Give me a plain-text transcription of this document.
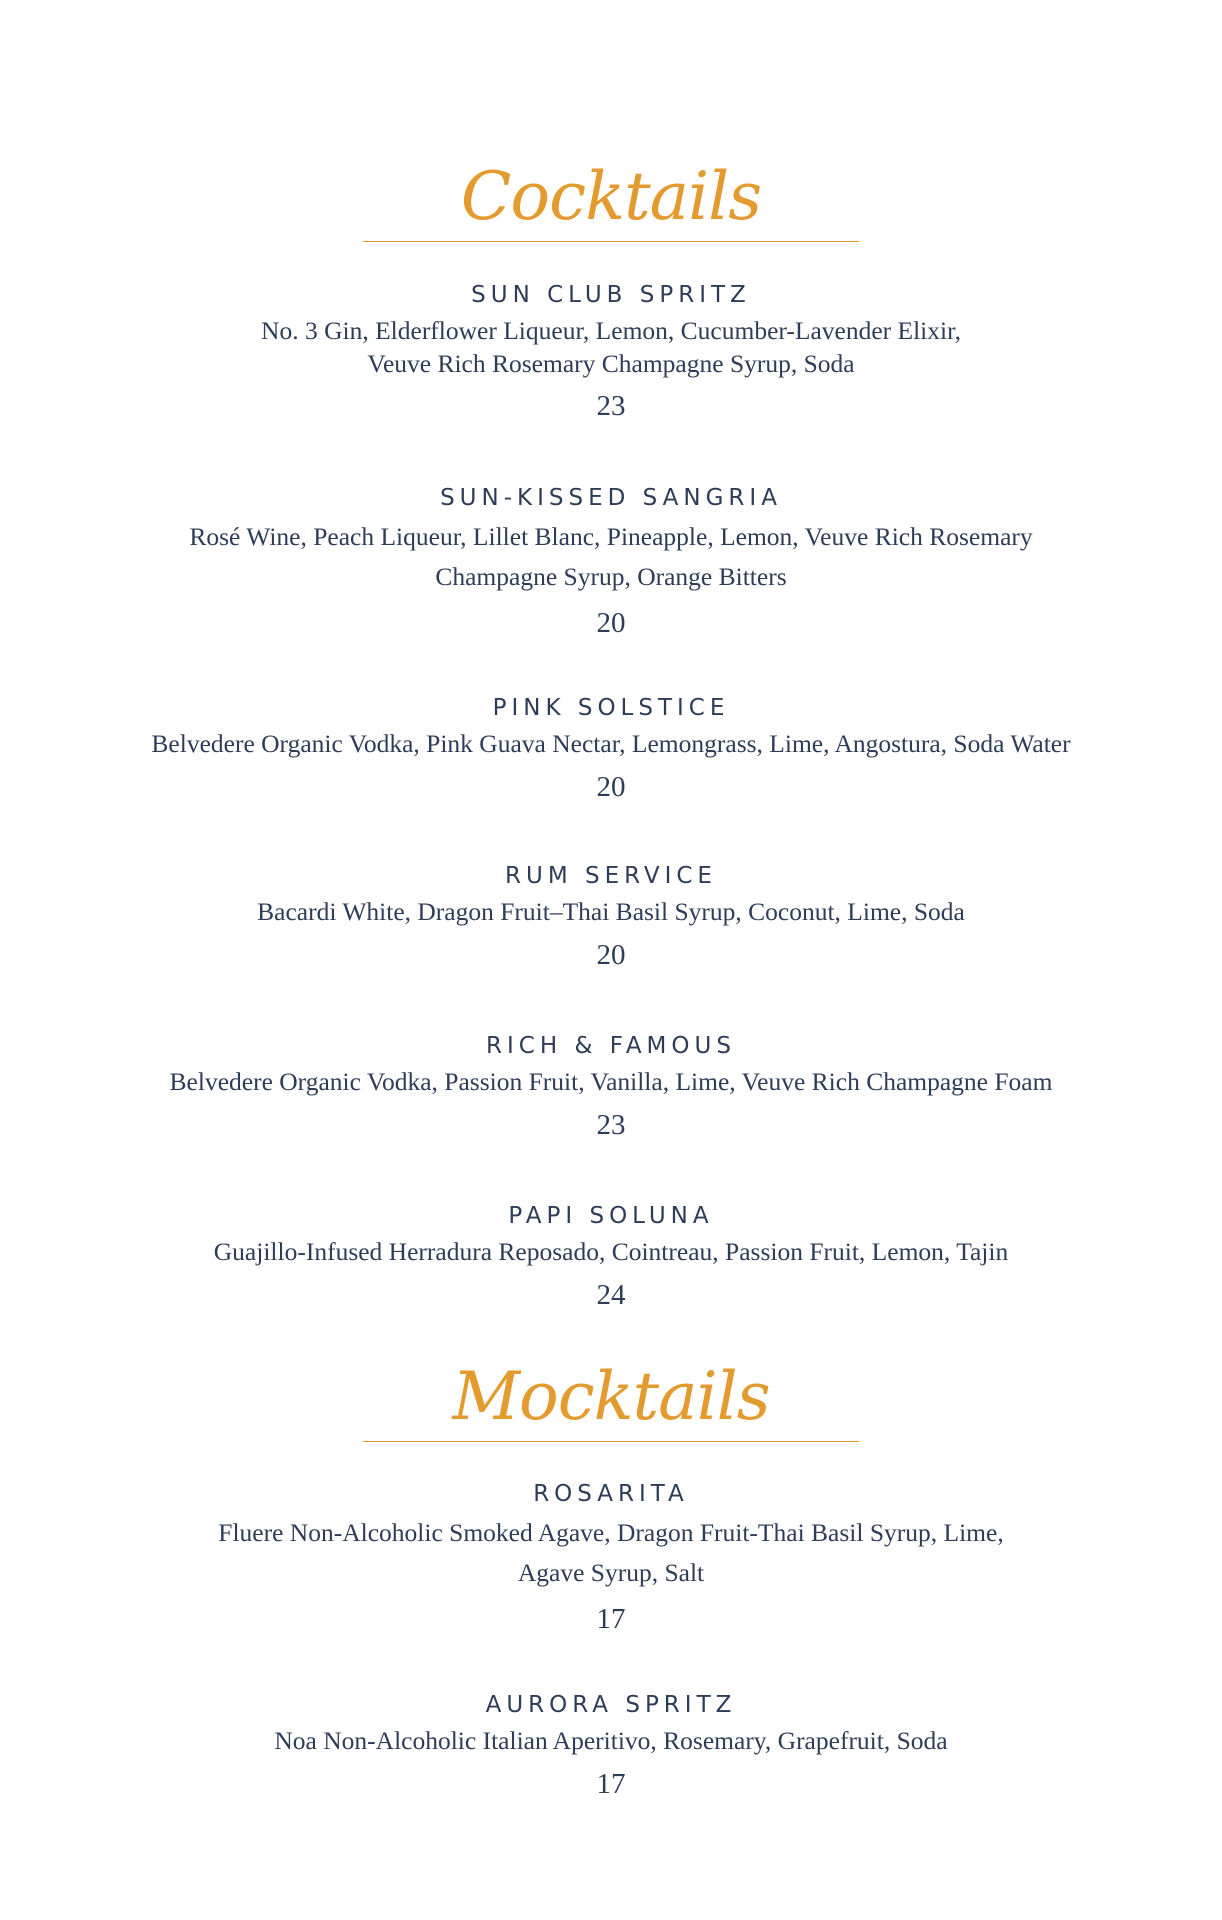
Cocktails
SUN CLUB SPRITZ

No. 3 Gin, Elderflower Liqueur, Lemon, Cucumber-Lavender Elixir,
Veuve Rich Rosemary Champagne Syrup, Soda

23
SUN-KISSED SANGRIA

Rosé Wine, Peach Liqueur, Lillet Blanc, Pineapple, Lemon, Veuve Rich Rosemary
Champagne Syrup, Orange Bitters

20
PINK SOLSTICE

Belvedere Organic Vodka, Pink Guava Nectar, Lemongrass, Lime, Angostura, Soda Water

20
RUM SERVICE

Bacardi White, Dragon Fruit–Thai Basil Syrup, Coconut, Lime, Soda

20
RICH & FAMOUS

Belvedere Organic Vodka, Passion Fruit, Vanilla, Lime, Veuve Rich Champagne Foam

23
PAPI SOLUNA

Guajillo-Infused Herradura Reposado, Cointreau, Passion Fruit, Lemon, Tajin

24
Mocktails
ROSARITA

Fluere Non-Alcoholic Smoked Agave, Dragon Fruit-Thai Basil Syrup, Lime,
Agave Syrup, Salt

17
AURORA SPRITZ

Noa Non-Alcoholic Italian Aperitivo, Rosemary, Grapefruit, Soda

17
